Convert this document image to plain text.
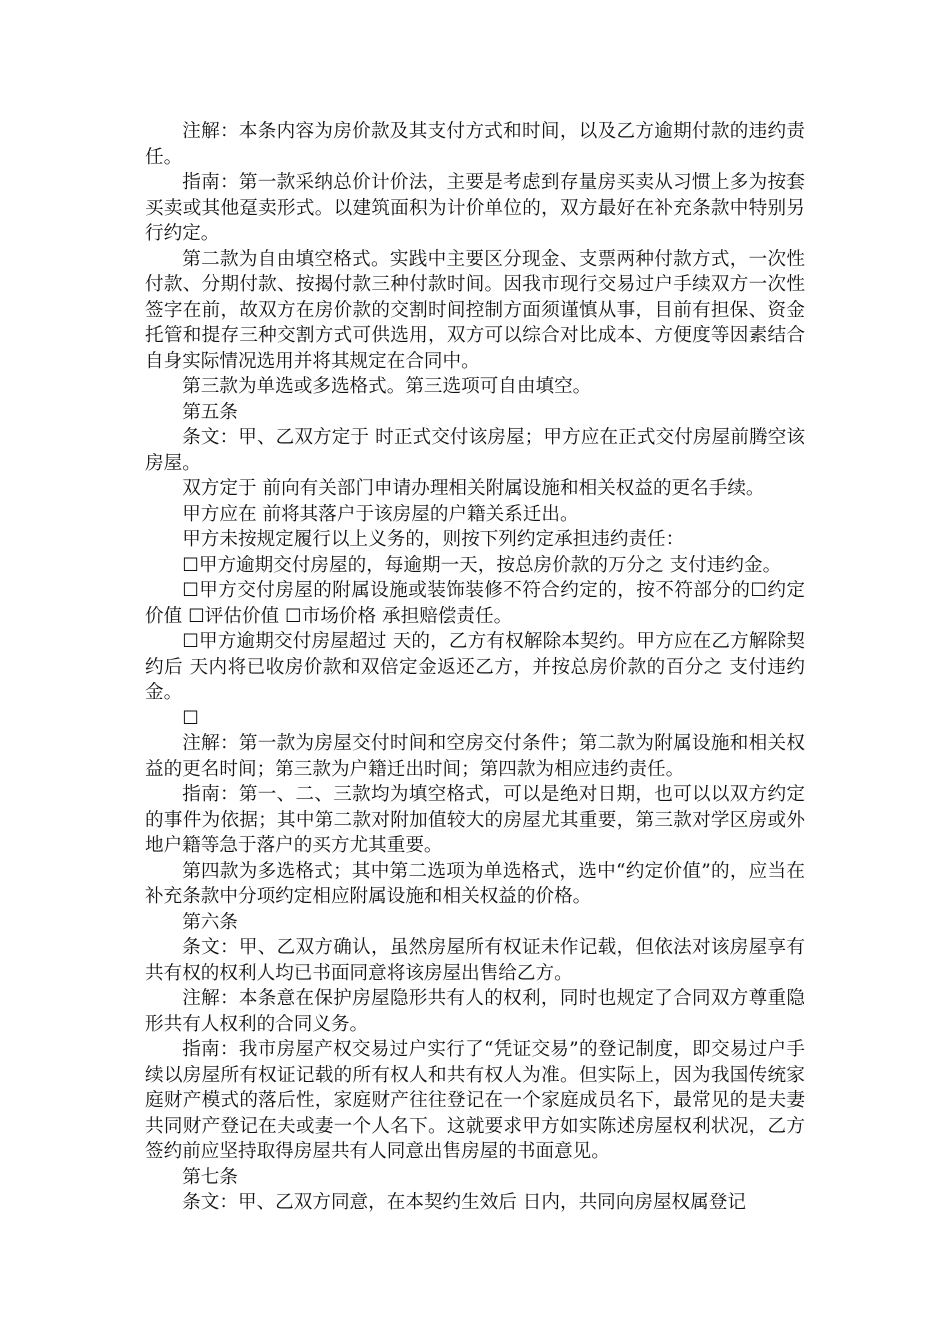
注解：本条内容为房价款及其支付方式和时间，以及乙方逾期付款的违约责任。

指南：第一款采纳总价计价法，主要是考虑到存量房买卖从习惯上多为按套买卖或其他趸卖形式。以建筑面积为计价单位的，双方最好在补充条款中特别另行约定。

第二款为自由填空格式。实践中主要区分现金、支票两种付款方式，一次性付款、分期付款、按揭付款三种付款时间。因我市现行交易过户手续双方一次性签字在前，故双方在房价款的交割时间控制方面须谨慎从事，目前有担保、资金托管和提存三种交割方式可供选用，双方可以综合对比成本、方便度等因素结合自身实际情况选用并将其规定在合同中。

第三款为单选或多选格式。第三选项可自由填空。

第五条

条文：甲、乙双方定于 时正式交付该房屋；甲方应在正式交付房屋前腾空该房屋。

双方定于 前向有关部门申请办理相关附属设施和相关权益的更名手续。

甲方应在 前将其落户于该房屋的户籍关系迁出。

甲方未按规定履行以上义务的，则按下列约定承担违约责任：

☐甲方逾期交付房屋的，每逾期一天，按总房价款的万分之 支付违约金。

☐甲方交付房屋的附属设施或装饰装修不符合约定的，按不符部分的☐约定价值 ☐评估价值 ☐市场价格 承担赔偿责任。

☐甲方逾期交付房屋超过 天的，乙方有权解除本契约。甲方应在乙方解除契约后 天内将已收房价款和双倍定金返还乙方，并按总房价款的百分之 支付违约金。

☐

注解：第一款为房屋交付时间和空房交付条件；第二款为附属设施和相关权益的更名时间；第三款为户籍迁出时间；第四款为相应违约责任。

指南：第一、二、三款均为填空格式，可以是绝对日期，也可以以双方约定的事件为依据；其中第二款对附加值较大的房屋尤其重要，第三款对学区房或外地户籍等急于落户的买方尤其重要。

第四款为多选格式；其中第二选项为单选格式，选中“约定价值”的，应当在补充条款中分项约定相应附属设施和相关权益的价格。

第六条

条文：甲、乙双方确认，虽然房屋所有权证未作记载，但依法对该房屋享有共有权的权利人均已书面同意将该房屋出售给乙方。

注解：本条意在保护房屋隐形共有人的权利，同时也规定了合同双方尊重隐形共有人权利的合同义务。

指南：我市房屋产权交易过户实行了“凭证交易”的登记制度，即交易过户手续以房屋所有权证记载的所有权人和共有权人为准。但实际上，因为我国传统家庭财产模式的落后性，家庭财产往往登记在一个家庭成员名下，最常见的是夫妻共同财产登记在夫或妻一个人名下。这就要求甲方如实陈述房屋权利状况，乙方签约前应坚持取得房屋共有人同意出售房屋的书面意见。

第七条

条文：甲、乙双方同意，在本契约生效后 日内，共同向房屋权属登记
